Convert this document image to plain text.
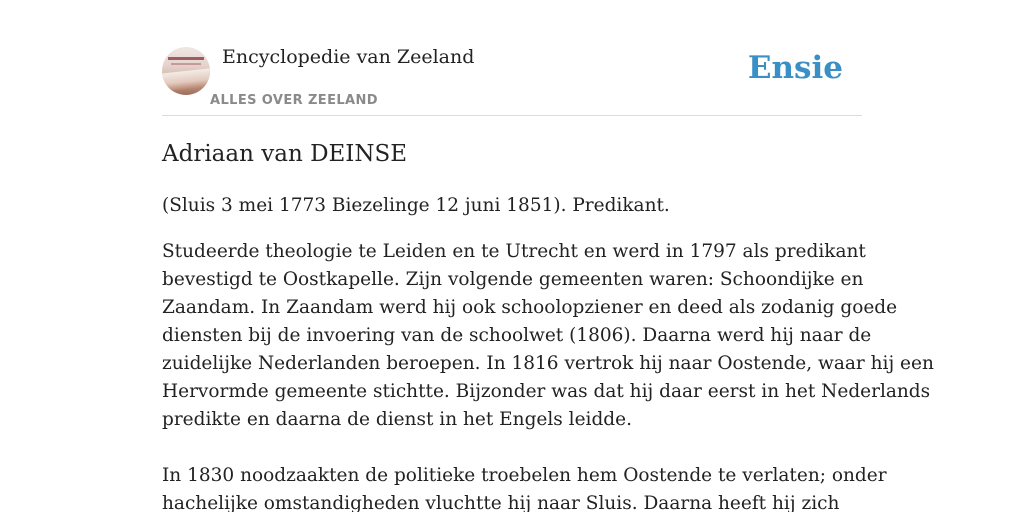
Encyclopedie van Zeeland
ALLES OVER ZEELAND
Ensie
Adriaan van DEINSE

(Sluis 3 mei 1773 Biezelinge 12 juni 1851). Predikant.

Studeerde theologie te Leiden en te Utrecht en werd in 1797 als predikant
bevestigd te Oostkapelle. Zijn volgende gemeenten waren: Schoondijke en
Zaandam. In Zaandam werd hij ook schoolopziener en deed als zodanig goede
diensten bij de invoering van de schoolwet (1806). Daarna werd hij naar de
zuidelijke Nederlanden beroepen. In 1816 vertrok hij naar Oostende, waar hij een
Hervormde gemeente stichtte. Bijzonder was dat hij daar eerst in het Nederlands
predikte en daarna de dienst in het Engels leidde.

In 1830 noodzaakten de politieke troebelen hem Oostende te verlaten; onder
hachelijke omstandigheden vluchtte hij naar Sluis. Daarna heeft hij zich
